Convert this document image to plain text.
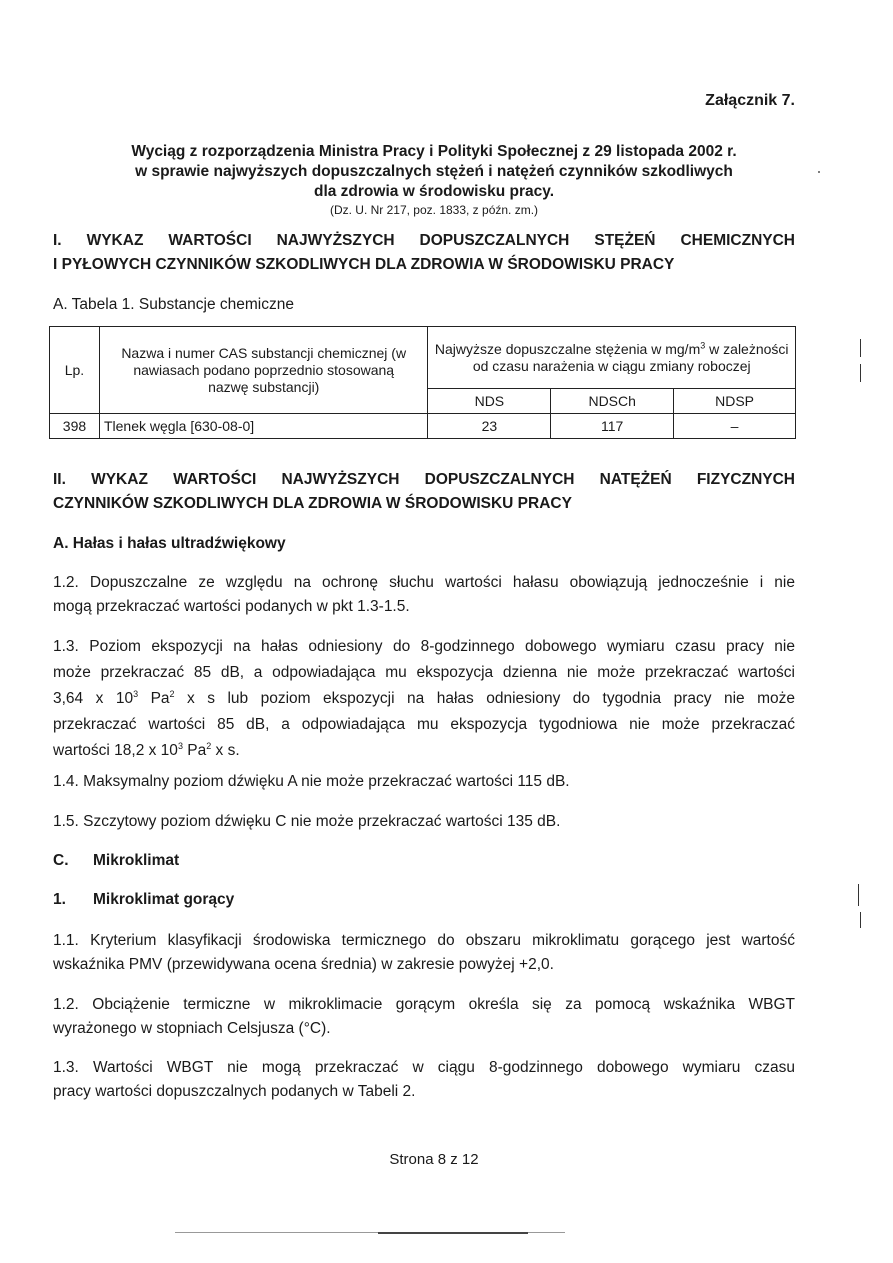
Załącznik 7.
Wyciąg z rozporządzenia Ministra Pracy i Polityki Społecznej z 29 listopada 2002 r.
w sprawie najwyższych dopuszczalnych stężeń i natężeń czynników szkodliwych
dla zdrowia w środowisku pracy.
(Dz. U. Nr 217, poz. 1833, z późn. zm.)
I. WYKAZ WARTOŚCI NAJWYŻSZYCH DOPUSZCZALNYCH STĘŻEŃ CHEMICZNYCH
I PYŁOWYCH CZYNNIKÓW SZKODLIWYCH DLA ZDROWIA W ŚRODOWISKU PRACY
A. Tabela 1. Substancje chemiczne
Lp.	Nazwa i numer CAS substancji chemicznej (w nawiasach podano poprzednio stosowaną nazwę substancji)	Najwyższe dopuszczalne stężenia w $mg/m^3$ w zależności od czasu narażenia w ciągu zmiany roboczej		
		NDS	NDSCh	NDSP
398	Tlenek węgla [630-08-0]	23	117	–
II. WYKAZ WARTOŚCI NAJWYŻSZYCH DOPUSZCZALNYCH NATĘŻEŃ FIZYCZNYCH
CZYNNIKÓW SZKODLIWYCH DLA ZDROWIA W ŚRODOWISKU PRACY
A. Hałas i hałas ultradźwiękowy
1.2. Dopuszczalne ze względu na ochronę słuchu wartości hałasu obowiązują jednocześnie i nie
mogą przekraczać wartości podanych w pkt 1.3-1.5.
1.3. Poziom ekspozycji na hałas odniesiony do 8-godzinnego dobowego wymiaru czasu pracy nie
może przekraczać 85 dB, a odpowiadająca mu ekspozycja dzienna nie może przekraczać wartości
3,64 x $10^3$ Pa$^2$ x s lub poziom ekspozycji na hałas odniesiony do tygodnia pracy nie może
przekraczać wartości 85 dB, a odpowiadająca mu ekspozycja tygodniowa nie może przekraczać
wartości 18,2 x $10^3$ Pa$^2$ x s.
1.4. Maksymalny poziom dźwięku A nie może przekraczać wartości 115 dB.
1.5. Szczytowy poziom dźwięku C nie może przekraczać wartości 135 dB.
C. Mikroklimat
1. Mikroklimat gorący
1.1. Kryterium klasyfikacji środowiska termicznego do obszaru mikroklimatu gorącego jest wartość
wskaźnika PMV (przewidywana ocena średnia) w zakresie powyżej +2,0.
1.2. Obciążenie termiczne w mikroklimacie gorącym określa się za pomocą wskaźnika WBGT
wyrażonego w stopniach Celsjusza (°C).
1.3. Wartości WBGT nie mogą przekraczać w ciągu 8-godzinnego dobowego wymiaru czasu
pracy wartości dopuszczalnych podanych w Tabeli 2.
Strona 8 z 12
